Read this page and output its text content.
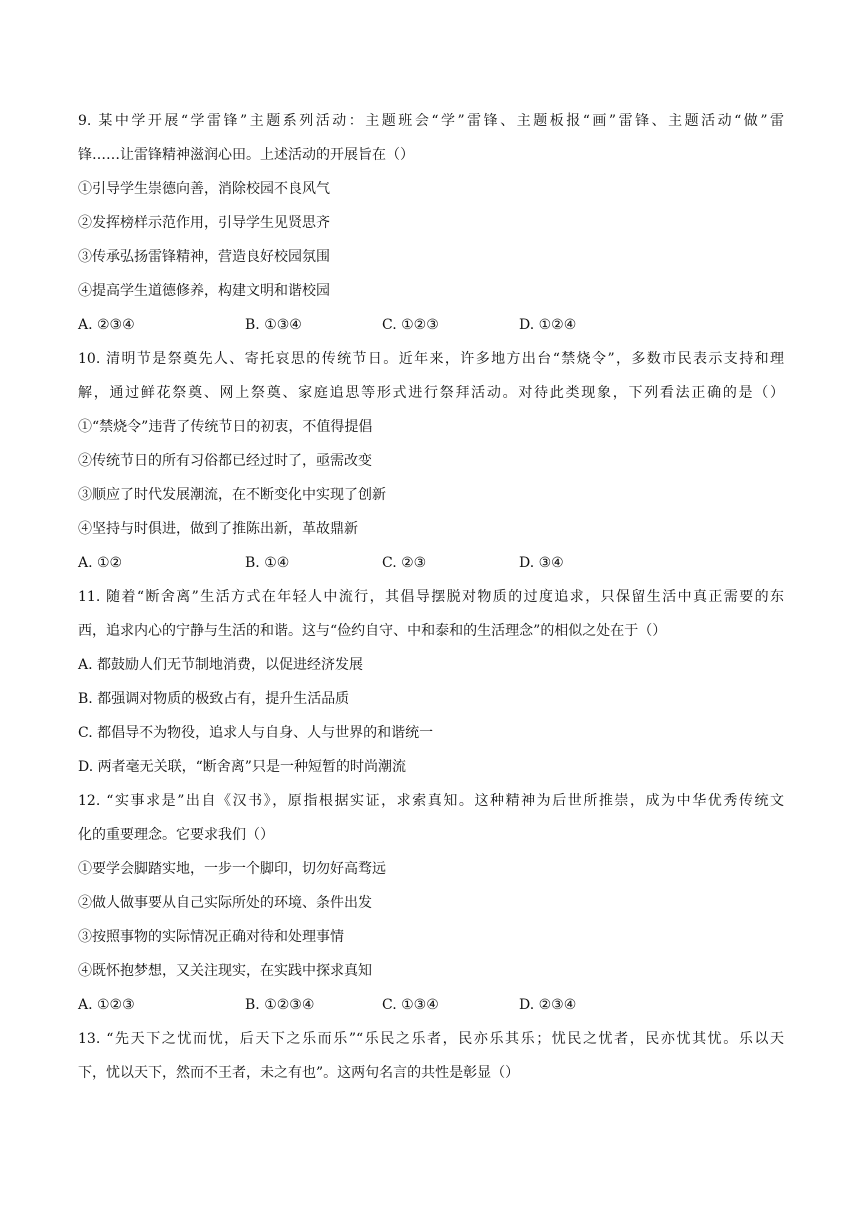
9. 某中学开展“学雷锋”主题系列活动：主题班会“学”雷锋、主题板报“画”雷锋、主题活动“做”雷
锋……让雷锋精神滋润心田。上述活动的开展旨在（）
①引导学生崇德向善，消除校园不良风气
②发挥榜样示范作用，引导学生见贤思齐
③传承弘扬雷锋精神，营造良好校园氛围
④提高学生道德修养，构建文明和谐校园
A. ②③④	B. ①③④	C. ①②③	D. ①②④
10. 清明节是祭奠先人、寄托哀思的传统节日。近年来，许多地方出台“禁烧令”，多数市民表示支持和理
解，通过鲜花祭奠、网上祭奠、家庭追思等形式进行祭拜活动。对待此类现象，下列看法正确的是（）
①“禁烧令”违背了传统节日的初衷，不值得提倡
②传统节日的所有习俗都已经过时了，亟需改变
③顺应了时代发展潮流，在不断变化中实现了创新
④坚持与时俱进，做到了推陈出新，革故鼎新
A. ①②	B. ①④	C. ②③	D. ③④
11. 随着“断舍离”生活方式在年轻人中流行，其倡导摆脱对物质的过度追求，只保留生活中真正需要的东
西，追求内心的宁静与生活的和谐。这与“俭约自守、中和泰和的生活理念”的相似之处在于（）
A. 都鼓励人们无节制地消费，以促进经济发展
B. 都强调对物质的极致占有，提升生活品质
C. 都倡导不为物役，追求人与自身、人与世界的和谐统一
D. 两者毫无关联，“断舍离”只是一种短暂的时尚潮流
12. “实事求是”出自《汉书》，原指根据实证，求索真知。这种精神为后世所推崇，成为中华优秀传统文
化的重要理念。它要求我们（）
①要学会脚踏实地，一步一个脚印，切勿好高骛远
②做人做事要从自己实际所处的环境、条件出发
③按照事物的实际情况正确对待和处理事情
④既怀抱梦想，又关注现实，在实践中探求真知
A. ①②③	B. ①②③④	C. ①③④	D. ②③④
13. “先天下之忧而忧，后天下之乐而乐”“乐民之乐者，民亦乐其乐；忧民之忧者，民亦忧其忧。乐以天
下，忧以天下，然而不王者，未之有也”。这两句名言的共性是彰显（）
